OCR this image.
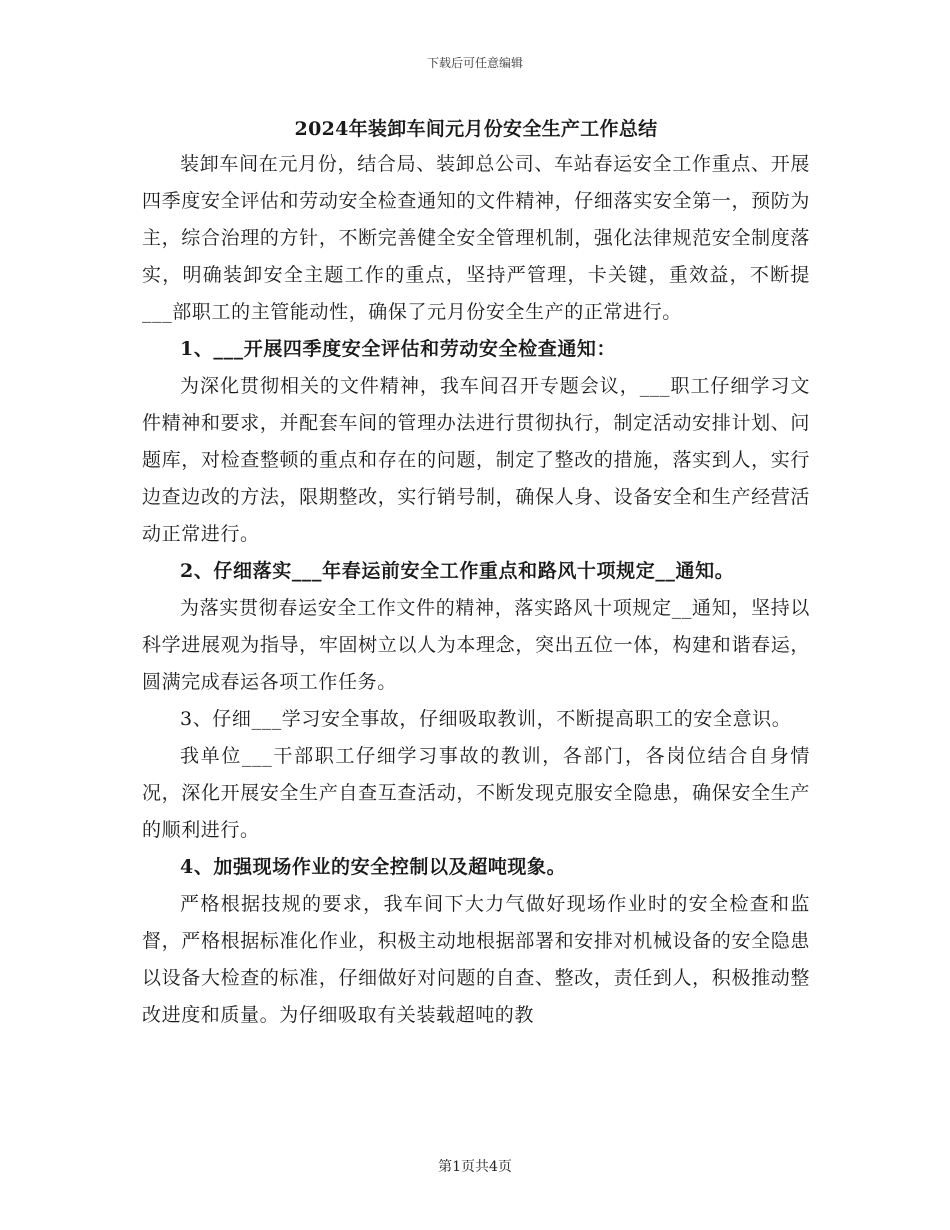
下载后可任意编辑
2024年装卸车间元月份安全生产工作总结

装卸车间在元月份，结合局、装卸总公司、车站春运安全工作重点、开展四季度安全评估和劳动安全检查通知的文件精神，仔细落实安全第一，预防为主，综合治理的方针，不断完善健全安全管理机制，强化法律规范安全制度落实，明确装卸安全主题工作的重点，坚持严管理，卡关键，重效益，不断提___部职工的主管能动性，确保了元月份安全生产的正常进行。

1、___开展四季度安全评估和劳动安全检查通知：

为深化贯彻相关的文件精神，我车间召开专题会议，___职工仔细学习文件精神和要求，并配套车间的管理办法进行贯彻执行，制定活动安排计划、问题库，对检查整顿的重点和存在的问题，制定了整改的措施，落实到人，实行边查边改的方法，限期整改，实行销号制，确保人身、设备安全和生产经营活动正常进行。

2、仔细落实___年春运前安全工作重点和路风十项规定__通知。

为落实贯彻春运安全工作文件的精神，落实路风十项规定__通知，坚持以科学进展观为指导，牢固树立以人为本理念，突出五位一体，构建和谐春运，圆满完成春运各项工作任务。

3、仔细___学习安全事故，仔细吸取教训，不断提高职工的安全意识。

我单位___干部职工仔细学习事故的教训，各部门，各岗位结合自身情况，深化开展安全生产自查互查活动，不断发现克服安全隐患，确保安全生产的顺利进行。

4、加强现场作业的安全控制以及超吨现象。

严格根据技规的要求，我车间下大力气做好现场作业时的安全检查和监督，严格根据标准化作业，积极主动地根据部署和安排对机械设备的安全隐患以设备大检查的标准，仔细做好对问题的自查、整改，责任到人，积极推动整改进度和质量。为仔细吸取有关装载超吨的教

第1页共4页
